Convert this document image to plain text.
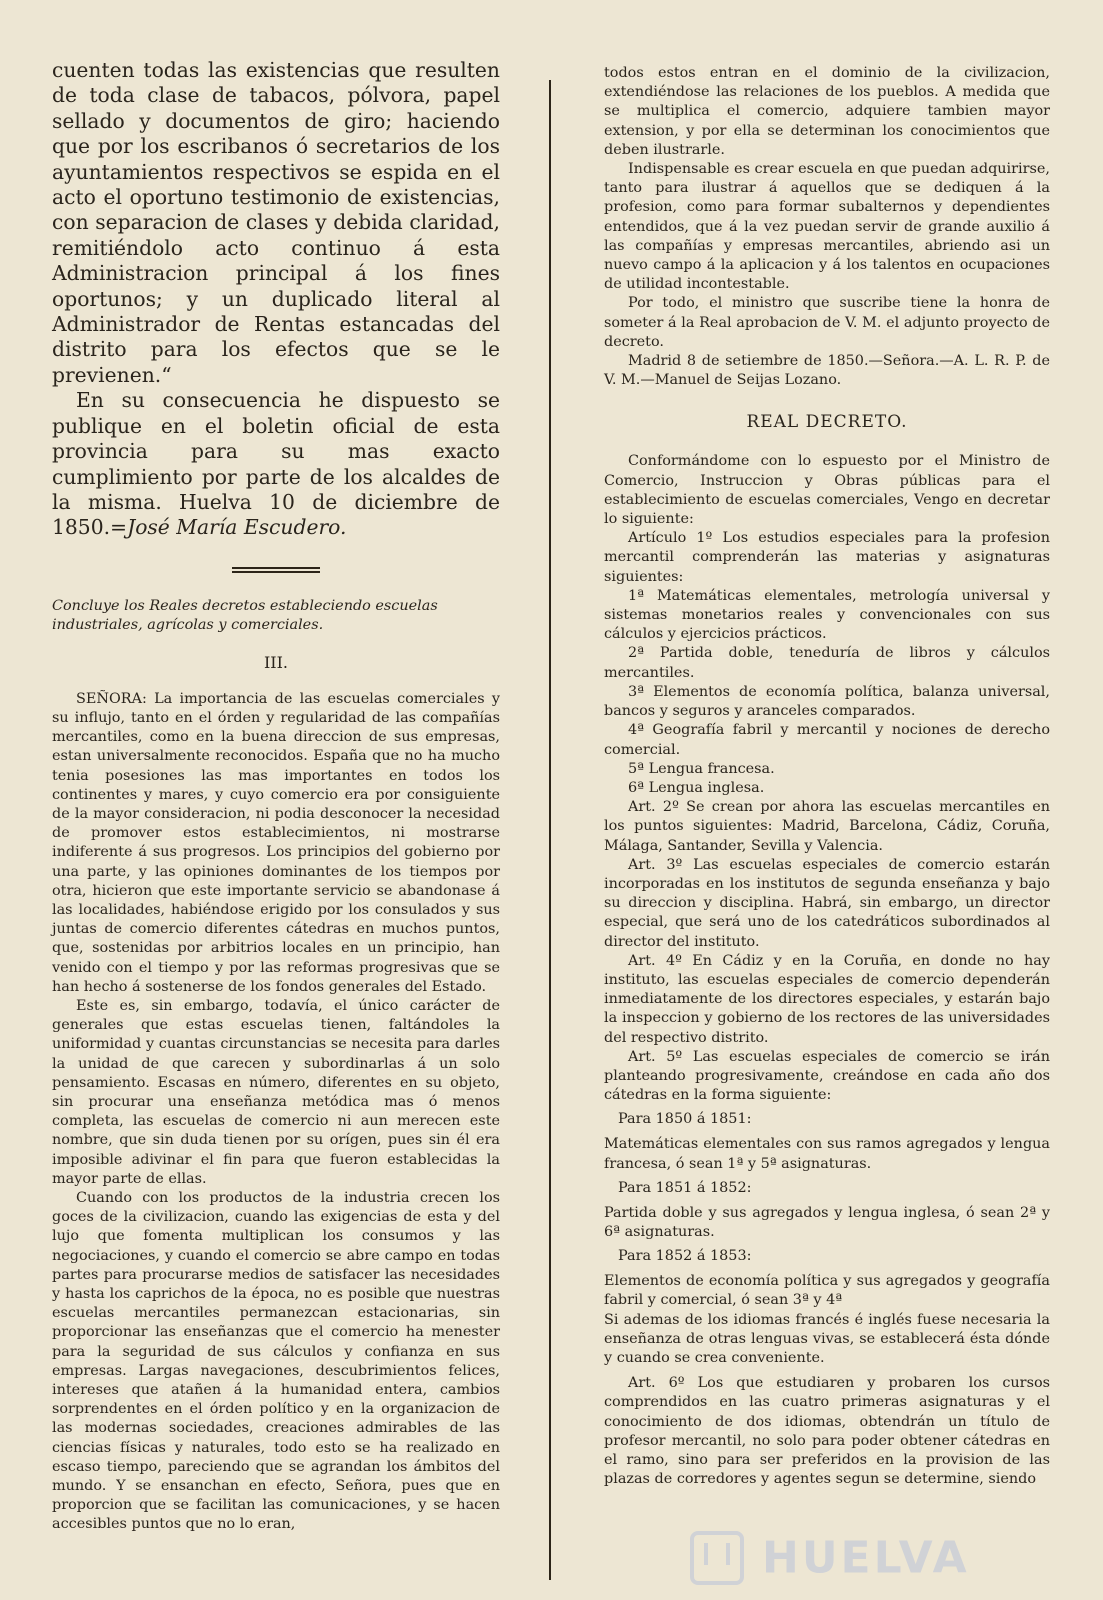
cuenten todas las existencias que resulten de toda clase de tabacos, pólvora, papel sellado y documentos de giro; haciendo que por los escribanos ó secretarios de los ayuntamientos respectivos se espida en el acto el oportuno testimonio de existencias, con separacion de clases y debida claridad, remitiéndolo acto continuo á esta Administracion principal á los fines oportunos; y un duplicado literal al Administrador de Rentas estancadas del distrito para los efectos que se le previenen.“

En su consecuencia he dispuesto se publique en el boletin oficial de esta provincia para su mas exacto cumplimiento por parte de los alcaldes de la misma. Huelva 10 de diciembre de 1850.=José María Escudero.

Concluye los Reales decretos estableciendo escuelas industriales, agrícolas y comerciales.

III.

SEÑORA: La importancia de las escuelas comerciales y su influjo, tanto en el órden y regularidad de las compañías mercantiles, como en la buena direccion de sus empresas, estan universalmente reconocidos. España que no ha mucho tenia posesiones las mas importantes en todos los continentes y mares, y cuyo comercio era por consiguiente de la mayor consideracion, ni podia desconocer la necesidad de promover estos establecimientos, ni mostrarse indiferente á sus progresos. Los principios del gobierno por una parte, y las opiniones dominantes de los tiempos por otra, hicieron que este importante servicio se abandonase á las localidades, habiéndose erigido por los consulados y sus juntas de comercio diferentes cátedras en muchos puntos, que, sostenidas por arbitrios locales en un principio, han venido con el tiempo y por las reformas progresivas que se han hecho á sostenerse de los fondos generales del Estado.

Este es, sin embargo, todavía, el único carácter de generales que estas escuelas tienen, faltándoles la uniformidad y cuantas circunstancias se necesita para darles la unidad de que carecen y subordinarlas á un solo pensamiento. Escasas en número, diferentes en su objeto, sin procurar una enseñanza metódica mas ó menos completa, las escuelas de comercio ni aun merecen este nombre, que sin duda tienen por su orígen, pues sin él era imposible adivinar el fin para que fueron establecidas la mayor parte de ellas.

Cuando con los productos de la industria crecen los goces de la civilizacion, cuando las exigencias de esta y del lujo que fomenta multiplican los consumos y las negociaciones, y cuando el comercio se abre campo en todas partes para procurarse medios de satisfacer las necesidades y hasta los caprichos de la época, no es posible que nuestras escuelas mercantiles permanezcan estacionarias, sin proporcionar las enseñanzas que el comercio ha menester para la seguridad de sus cálculos y confianza en sus empresas. Largas navegaciones, descubrimientos felices, intereses que atañen á la humanidad entera, cambios sorprendentes en el órden político y en la organizacion de las modernas sociedades, creaciones admirables de las ciencias físicas y naturales, todo esto se ha realizado en escaso tiempo, pareciendo que se agrandan los ámbitos del mundo. Y se ensanchan en efecto, Señora, pues que en proporcion que se facilitan las comunicaciones, y se hacen accesibles puntos que no lo eran,

todos estos entran en el dominio de la civilizacion, extendiéndose las relaciones de los pueblos. A medida que se multiplica el comercio, adquiere tambien mayor extension, y por ella se determinan los conocimientos que deben ilustrarle.

Indispensable es crear escuela en que puedan adquirirse, tanto para ilustrar á aquellos que se dediquen á la profesion, como para formar subalternos y dependientes entendidos, que á la vez puedan servir de grande auxilio á las compañías y empresas mercantiles, abriendo asi un nuevo campo á la aplicacion y á los talentos en ocupaciones de utilidad incontestable.

Por todo, el ministro que suscribe tiene la honra de someter á la Real aprobacion de V. M. el adjunto proyecto de decreto.

Madrid 8 de setiembre de 1850.—Señora.—A. L. R. P. de V. M.—Manuel de Seijas Lozano.

REAL DECRETO.

Conformándome con lo espuesto por el Ministro de Comercio, Instruccion y Obras públicas para el establecimiento de escuelas comerciales, Vengo en decretar lo siguiente:

Artículo 1º Los estudios especiales para la profesion mercantil comprenderán las materias y asignaturas siguientes:

1ª Matemáticas elementales, metrología universal y sistemas monetarios reales y convencionales con sus cálculos y ejercicios prácticos.

2ª Partida doble, teneduría de libros y cálculos mercantiles.

3ª Elementos de economía política, balanza universal, bancos y seguros y aranceles comparados.

4ª Geografía fabril y mercantil y nociones de derecho comercial.

5ª Lengua francesa.

6ª Lengua inglesa.

Art. 2º Se crean por ahora las escuelas mercantiles en los puntos siguientes: Madrid, Barcelona, Cádiz, Coruña, Málaga, Santander, Sevilla y Valencia.

Art. 3º Las escuelas especiales de comercio estarán incorporadas en los institutos de segunda enseñanza y bajo su direccion y disciplina. Habrá, sin embargo, un director especial, que será uno de los catedráticos subordinados al director del instituto.

Art. 4º En Cádiz y en la Coruña, en donde no hay instituto, las escuelas especiales de comercio dependerán inmediatamente de los directores especiales, y estarán bajo la inspeccion y gobierno de los rectores de las universidades del respectivo distrito.

Art. 5º Las escuelas especiales de comercio se irán planteando progresivamente, creándose en cada año dos cátedras en la forma siguiente:

Para 1850 á 1851:

Matemáticas elementales con sus ramos agregados y lengua francesa, ó sean 1ª y 5ª asignaturas.

Para 1851 á 1852:

Partida doble y sus agregados y lengua inglesa, ó sean 2ª y 6ª asignaturas.

Para 1852 á 1853:

Elementos de economía política y sus agregados y geografía fabril y comercial, ó sean 3ª y 4ª

Si ademas de los idiomas francés é inglés fuese necesaria la enseñanza de otras lenguas vivas, se establecerá ésta dónde y cuando se crea conveniente.

Art. 6º Los que estudiaren y probaren los cursos comprendidos en las cuatro primeras asignaturas y el conocimiento de dos idiomas, obtendrán un título de profesor mercantil, no solo para poder obtener cátedras en el ramo, sino para ser preferidos en la provision de las plazas de corredores y agentes segun se determine, siendo

HUELVA
